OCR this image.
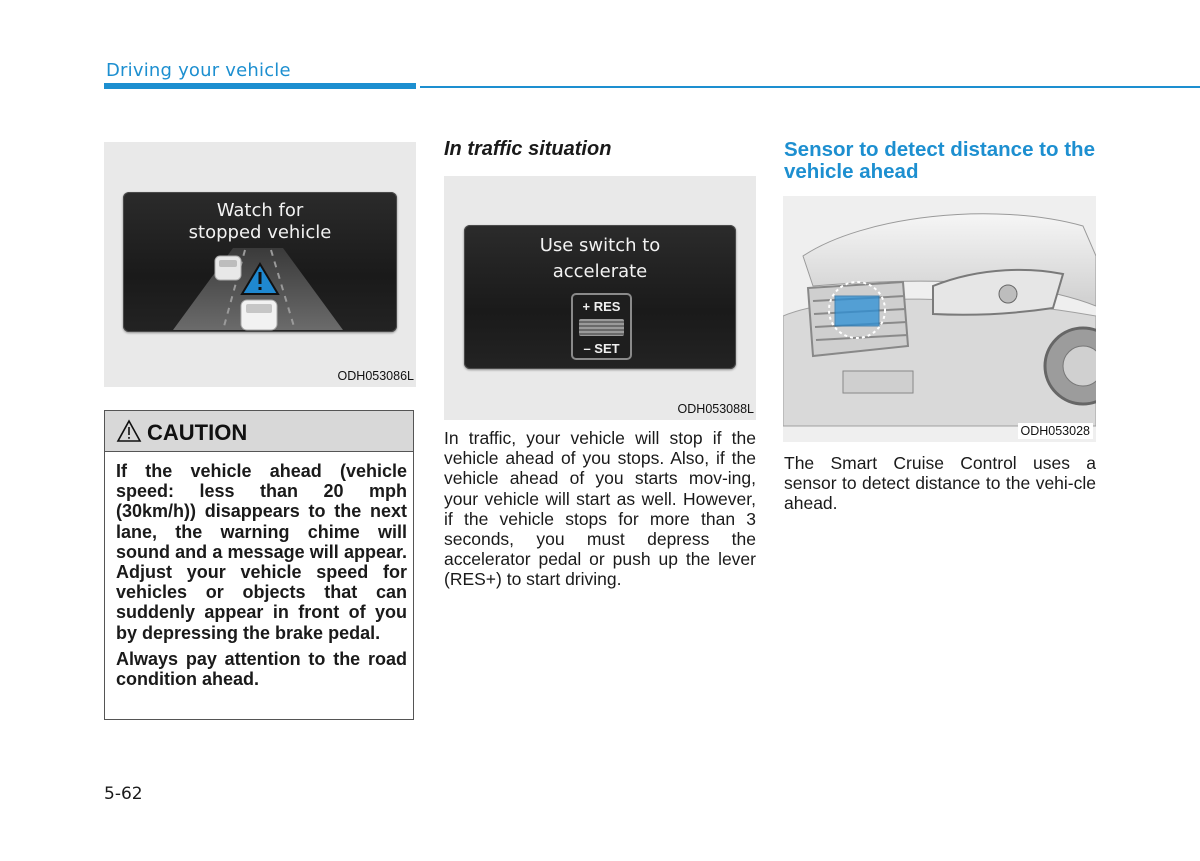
Driving your vehicle
Watch for
stopped vehicle
ODH053086L
CAUTION

If the vehicle ahead (vehicle speed: less than 20 mph (30km/h)) disappears to the next lane, the warning chime will sound and a message will appear. Adjust your vehicle speed for vehicles or objects that can suddenly appear in front of you by depressing the brake pedal.

Always pay attention to the road condition ahead.

In traffic situation
Use switch to
accelerate
ODH053088L
+ RES
– SET
In traffic, your vehicle will stop if the vehicle ahead of you stops. Also, if the vehicle ahead of you starts mov-ing, your vehicle will start as well. However, if the vehicle stops for more than 3 seconds, you must depress the accelerator pedal or push up the lever (RES+) to start driving.
Sensor to detect distance to the vehicle ahead
ODH053028
The Smart Cruise Control uses a sensor to detect distance to the vehi-cle ahead.
5-62
